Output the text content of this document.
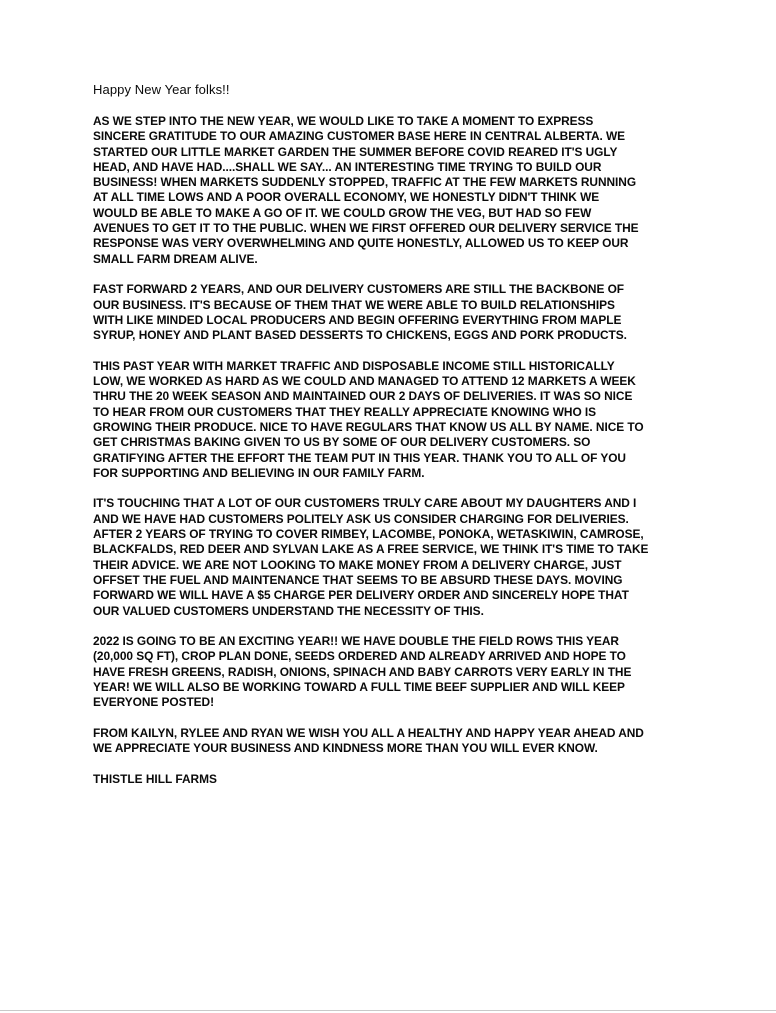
Happy New Year folks!!

AS WE STEP INTO THE NEW YEAR, WE WOULD LIKE TO TAKE A MOMENT TO EXPRESS
SINCERE GRATITUDE TO OUR AMAZING CUSTOMER BASE HERE IN CENTRAL ALBERTA. WE
STARTED OUR LITTLE MARKET GARDEN THE SUMMER BEFORE COVID REARED IT'S UGLY
HEAD, AND HAVE HAD....SHALL WE SAY... AN INTERESTING TIME TRYING TO BUILD OUR
BUSINESS! WHEN MARKETS SUDDENLY STOPPED, TRAFFIC AT THE FEW MARKETS RUNNING
AT ALL TIME LOWS AND A POOR OVERALL ECONOMY, WE HONESTLY DIDN'T THINK WE
WOULD BE ABLE TO MAKE A GO OF IT. WE COULD GROW THE VEG, BUT HAD SO FEW
AVENUES TO GET IT TO THE PUBLIC. WHEN WE FIRST OFFERED OUR DELIVERY SERVICE THE
RESPONSE WAS VERY OVERWHELMING AND QUITE HONESTLY, ALLOWED US TO KEEP OUR
SMALL FARM DREAM ALIVE.

FAST FORWARD 2 YEARS, AND OUR DELIVERY CUSTOMERS ARE STILL THE BACKBONE OF
OUR BUSINESS. IT'S BECAUSE OF THEM THAT WE WERE ABLE TO BUILD RELATIONSHIPS
WITH LIKE MINDED LOCAL PRODUCERS AND BEGIN OFFERING EVERYTHING FROM MAPLE
SYRUP, HONEY AND PLANT BASED DESSERTS TO CHICKENS, EGGS AND PORK PRODUCTS.

THIS PAST YEAR WITH MARKET TRAFFIC AND DISPOSABLE INCOME STILL HISTORICALLY
LOW, WE WORKED AS HARD AS WE COULD AND MANAGED TO ATTEND 12 MARKETS A WEEK
THRU THE 20 WEEK SEASON AND MAINTAINED OUR 2 DAYS OF DELIVERIES. IT WAS SO NICE
TO HEAR FROM OUR CUSTOMERS THAT THEY REALLY APPRECIATE KNOWING WHO IS
GROWING THEIR PRODUCE. NICE TO HAVE REGULARS THAT KNOW US ALL BY NAME. NICE TO
GET CHRISTMAS BAKING GIVEN TO US BY SOME OF OUR DELIVERY CUSTOMERS. SO
GRATIFYING AFTER THE EFFORT THE TEAM PUT IN THIS YEAR. THANK YOU TO ALL OF YOU
FOR SUPPORTING AND BELIEVING IN OUR FAMILY FARM.

IT'S TOUCHING THAT A LOT OF OUR CUSTOMERS TRULY CARE ABOUT MY DAUGHTERS AND I
AND WE HAVE HAD CUSTOMERS POLITELY ASK US CONSIDER CHARGING FOR DELIVERIES.
AFTER 2 YEARS OF TRYING TO COVER RIMBEY, LACOMBE, PONOKA, WETASKIWIN, CAMROSE,
BLACKFALDS, RED DEER AND SYLVAN LAKE AS A FREE SERVICE, WE THINK IT'S TIME TO TAKE
THEIR ADVICE. WE ARE NOT LOOKING TO MAKE MONEY FROM A DELIVERY CHARGE, JUST
OFFSET THE FUEL AND MAINTENANCE THAT SEEMS TO BE ABSURD THESE DAYS. MOVING
FORWARD WE WILL HAVE A $5 CHARGE PER DELIVERY ORDER AND SINCERELY HOPE THAT
OUR VALUED CUSTOMERS UNDERSTAND THE NECESSITY OF THIS.

2022 IS GOING TO BE AN EXCITING YEAR!! WE HAVE DOUBLE THE FIELD ROWS THIS YEAR
(20,000 SQ FT), CROP PLAN DONE, SEEDS ORDERED AND ALREADY ARRIVED AND HOPE TO
HAVE FRESH GREENS, RADISH, ONIONS, SPINACH AND BABY CARROTS VERY EARLY IN THE
YEAR! WE WILL ALSO BE WORKING TOWARD A FULL TIME BEEF SUPPLIER AND WILL KEEP
EVERYONE POSTED!

FROM KAILYN, RYLEE AND RYAN WE WISH YOU ALL A HEALTHY AND HAPPY YEAR AHEAD AND
WE APPRECIATE YOUR BUSINESS AND KINDNESS MORE THAN YOU WILL EVER KNOW.

THISTLE HILL FARMS
